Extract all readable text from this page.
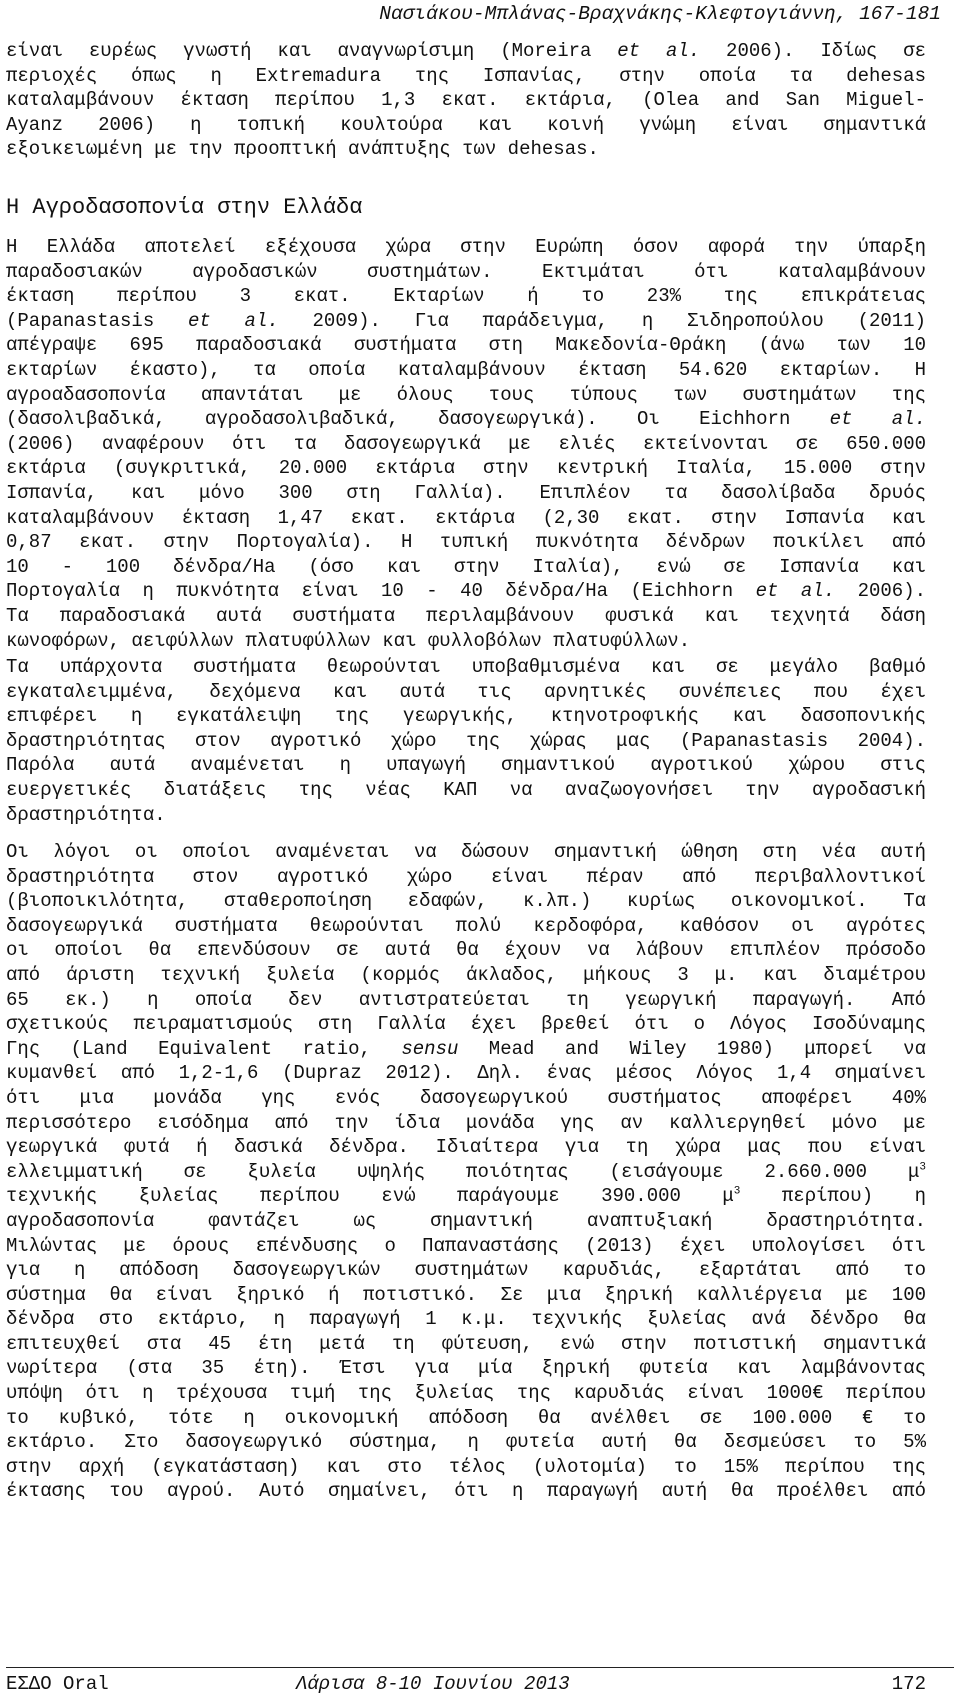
Νασιάκου-Μπλάνας-Βραχνάκης-Κλεφτογιάννη, 167-181
είναι ευρέως γνωστή και αναγνωρίσιμη (Moreira et al. 2006). Ιδίως σε
περιοχές όπως η Extremadura της Ισπανίας, στην οποία τα dehesas
καταλαμβάνουν έκταση περίπου 1,3 εκατ. εκτάρια, (Olea and San Miguel-
Ayanz 2006) η τοπική κουλτούρα και κοινή γνώμη είναι σημαντικά
εξοικειωμένη με την προοπτική ανάπτυξης των dehesas.
Η Αγροδασοπονία στην Ελλάδα
Η Ελλάδα αποτελεί εξέχουσα χώρα στην Ευρώπη όσον αφορά την ύπαρξη
παραδοσιακών αγροδασικών συστημάτων. Εκτιμάται ότι καταλαμβάνουν
έκταση περίπου 3 εκατ. Εκταρίων ή το 23% της επικράτειας
(Papanastasis et al. 2009). Για παράδειγμα, η Σιδηροπούλου (2011)
απέγραψε 695 παραδοσιακά συστήματα στη Μακεδονία-Θράκη (άνω των 10
εκταρίων έκαστο), τα οποία καταλαμβάνουν έκταση 54.620 εκταρίων. Η
αγροαδασοπονία απαντάται με όλους τους τύπους των συστημάτων της
(δασολιβαδικά, αγροδασολιβαδικά, δασογεωργικά). Οι Eichhorn et al.
(2006) αναφέρουν ότι τα δασογεωργικά με ελιές εκτείνονται σε 650.000
εκτάρια (συγκριτικά, 20.000 εκτάρια στην κεντρική Ιταλία, 15.000 στην
Ισπανία, και μόνο 300 στη Γαλλία). Επιπλέον τα δασολίβαδα δρυός
καταλαμβάνουν έκταση 1,47 εκατ. εκτάρια (2,30 εκατ. στην Ισπανία και
0,87 εκατ. στην Πορτογαλία). Η τυπική πυκνότητα δένδρων ποικίλει από
10 - 100 δένδρα/Ha (όσο και στην Ιταλία), ενώ σε Ισπανία και
Πορτογαλία η πυκνότητα είναι 10 - 40 δένδρα/Ha (Eichhorn et al. 2006).
Τα παραδοσιακά αυτά συστήματα περιλαμβάνουν φυσικά και τεχνητά δάση
κωνοφόρων, αειφύλλων πλατυφύλλων και φυλλοβόλων πλατυφύλλων.
Τα υπάρχοντα συστήματα θεωρούνται υποβαθμισμένα και σε μεγάλο βαθμό
εγκαταλειμμένα, δεχόμενα και αυτά τις αρνητικές συνέπειες που έχει
επιφέρει η εγκατάλειψη της γεωργικής, κτηνοτροφικής και δασοπονικής
δραστηριότητας στον αγροτικό χώρο της χώρας μας (Papanastasis 2004).
Παρόλα αυτά αναμένεται η υπαγωγή σημαντικού αγροτικού χώρου στις
ευεργετικές διατάξεις της νέας ΚΑΠ να αναζωογονήσει την αγροδασική
δραστηριότητα.
Οι λόγοι οι οποίοι αναμένεται να δώσουν σημαντική ώθηση στη νέα αυτή
δραστηριότητα στον αγροτικό χώρο είναι πέραν από περιβαλλοντικοί
(βιοποικιλότητα, σταθεροποίηση εδαφών, κ.λπ.) κυρίως οικονομικοί. Τα
δασογεωργικά συστήματα θεωρούνται πολύ κερδοφόρα, καθόσον οι αγρότες
οι οποίοι θα επενδύσουν σε αυτά θα έχουν να λάβουν επιπλέον πρόσοδο
από άριστη τεχνική ξυλεία (κορμός άκλαδος, μήκους 3 μ. και διαμέτρου
65 εκ.) η οποία δεν αντιστρατεύεται τη γεωργική παραγωγή. Από
σχετικούς πειραματισμούς στη Γαλλία έχει βρεθεί ότι ο Λόγος Ισοδύναμης
Γης (Land Equivalent ratio, sensu Mead and Wiley 1980) μπορεί να
κυμανθεί από 1,2-1,6 (Dupraz 2012). Δηλ. ένας μέσος Λόγος 1,4 σημαίνει
ότι μια μονάδα γης ενός δασογεωργικού συστήματος αποφέρει 40%
περισσότερο εισόδημα από την ίδια μονάδα γης αν καλλιεργηθεί μόνο με
γεωργικά φυτά ή δασικά δένδρα. Ιδιαίτερα για τη χώρα μας που είναι
ελλειμματική σε ξυλεία υψηλής ποιότητας (εισάγουμε 2.660.000 $\mu^3$
τεχνικής ξυλείας περίπου ενώ παράγουμε 390.000 $\mu^3$ περίπου) η
αγροδασοπονία φαντάζει ως σημαντική αναπτυξιακή δραστηριότητα.
Μιλώντας με όρους επένδυσης ο Παπαναστάσης (2013) έχει υπολογίσει ότι
για η απόδοση δασογεωργικών συστημάτων καρυδιάς, εξαρτάται από το
σύστημα θα είναι ξηρικό ή ποτιστικό. Σε μια ξηρική καλλιέργεια με 100
δένδρα στο εκτάριο, η παραγωγή 1 κ.μ. τεχνικής ξυλείας ανά δένδρο θα
επιτευχθεί στα 45 έτη μετά τη φύτευση, ενώ στην ποτιστική σημαντικά
νωρίτερα (στα 35 έτη). Έτσι για μία ξηρική φυτεία και λαμβάνοντας
υπόψη ότι η τρέχουσα τιμή της ξυλείας της καρυδιάς είναι 1000€ περίπου
το κυβικό, τότε η οικονομική απόδοση θα ανέλθει σε 100.000 € το
εκτάριο. Στο δασογεωργικό σύστημα, η φυτεία αυτή θα δεσμεύσει το 5%
στην αρχή (εγκατάσταση) και στο τέλος (υλοτομία) το 15% περίπου της
έκτασης του αγρού. Αυτό σημαίνει, ότι η παραγωγή αυτή θα προέλθει από
ΕΣΔΟ Oral	Λάρισα 8-10 Ιουνίου 2013	172
